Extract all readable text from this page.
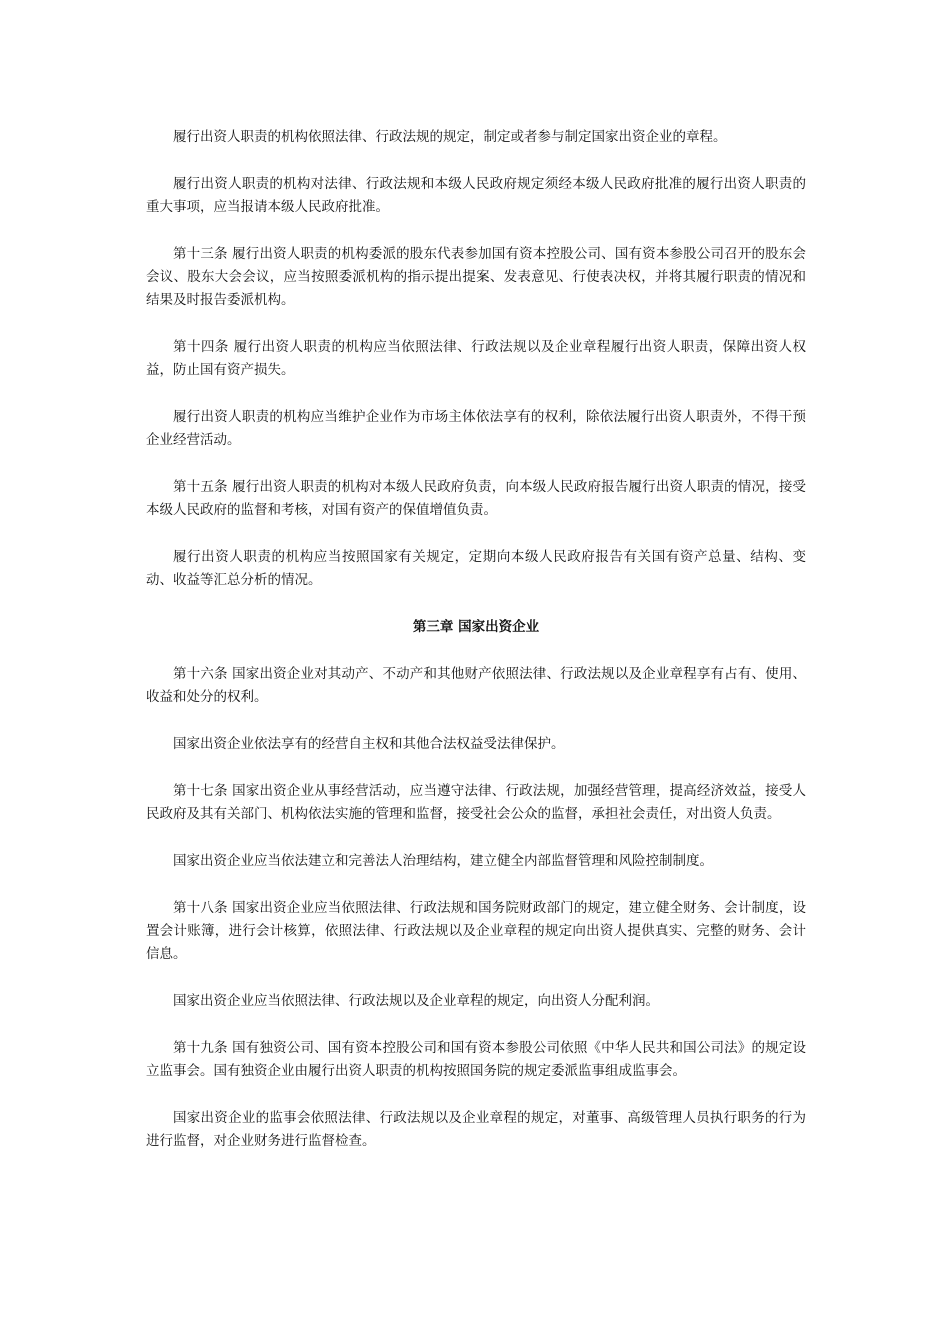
履行出资人职责的机构依照法律、行政法规的规定，制定或者参与制定国家出资企业的章程。

履行出资人职责的机构对法律、行政法规和本级人民政府规定须经本级人民政府批准的履行出资人职责的重大事项，应当报请本级人民政府批准。

第十三条 履行出资人职责的机构委派的股东代表参加国有资本控股公司、国有资本参股公司召开的股东会会议、股东大会会议，应当按照委派机构的指示提出提案、发表意见、行使表决权，并将其履行职责的情况和结果及时报告委派机构。

第十四条 履行出资人职责的机构应当依照法律、行政法规以及企业章程履行出资人职责，保障出资人权益，防止国有资产损失。

履行出资人职责的机构应当维护企业作为市场主体依法享有的权利，除依法履行出资人职责外，不得干预企业经营活动。

第十五条 履行出资人职责的机构对本级人民政府负责，向本级人民政府报告履行出资人职责的情况，接受本级人民政府的监督和考核，对国有资产的保值增值负责。

履行出资人职责的机构应当按照国家有关规定，定期向本级人民政府报告有关国有资产总量、结构、变动、收益等汇总分析的情况。

第三章 国家出资企业

第十六条 国家出资企业对其动产、不动产和其他财产依照法律、行政法规以及企业章程享有占有、使用、收益和处分的权利。

国家出资企业依法享有的经营自主权和其他合法权益受法律保护。

第十七条 国家出资企业从事经营活动，应当遵守法律、行政法规，加强经营管理，提高经济效益，接受人民政府及其有关部门、机构依法实施的管理和监督，接受社会公众的监督，承担社会责任，对出资人负责。

国家出资企业应当依法建立和完善法人治理结构，建立健全内部监督管理和风险控制制度。

第十八条 国家出资企业应当依照法律、行政法规和国务院财政部门的规定，建立健全财务、会计制度，设置会计账簿，进行会计核算，依照法律、行政法规以及企业章程的规定向出资人提供真实、完整的财务、会计信息。

国家出资企业应当依照法律、行政法规以及企业章程的规定，向出资人分配利润。

第十九条 国有独资公司、国有资本控股公司和国有资本参股公司依照《中华人民共和国公司法》的规定设立监事会。国有独资企业由履行出资人职责的机构按照国务院的规定委派监事组成监事会。

国家出资企业的监事会依照法律、行政法规以及企业章程的规定，对董事、高级管理人员执行职务的行为进行监督，对企业财务进行监督检查。
